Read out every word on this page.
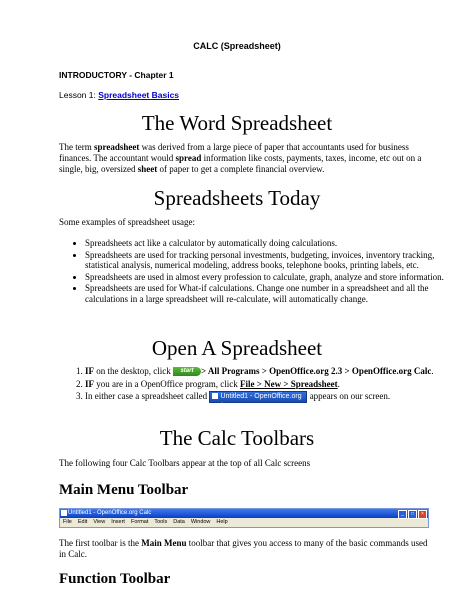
CALC (Spreadsheet)
INTRODUCTORY - Chapter 1
Lesson 1: Spreadsheet Basics
The Word Spreadsheet

The term spreadsheet was derived from a large piece of paper that accountants used for business finances. The accountant would spread information like costs, payments, taxes, income, etc out on a single, big, oversized sheet of paper to get a complete financial overview.

Spreadsheets Today

Some examples of spreadsheet usage:

• Spreadsheets act like a calculator by automatically doing calculations.
• Spreadsheets are used for tracking personal investments, budgeting, invoices, inventory tracking, statistical analysis, numerical modeling, address books, telephone books, printing labels, etc.
• Spreadsheets are used in almost every profession to calculate, graph, analyze and store information.
• Spreadsheets are used for What-if calculations. Change one number in a spreadsheet and all the calculations in a large spreadsheet will re-calculate, will automatically change.
Open A Spreadsheet
1. IF on the desktop, click start > All Programs > OpenOffice.org 2.3 > OpenOffice.org Calc.
2. IF you are in a OpenOffice program, click File > New > Spreadsheet.
3. In either case a spreadsheet called Untitled1 - OpenOffice.org Calc appears on our screen.
The Calc Toolbars

The following four Calc Toolbars appear at the top of all Calc screens

Main Menu Toolbar
Untitled1 - OpenOffice.org Calc	_	□	×
File Edit View Insert Format Tools Data Window Help

The first toolbar is the Main Menu toolbar that gives you access to many of the basic commands used in Calc.

Function Toolbar
